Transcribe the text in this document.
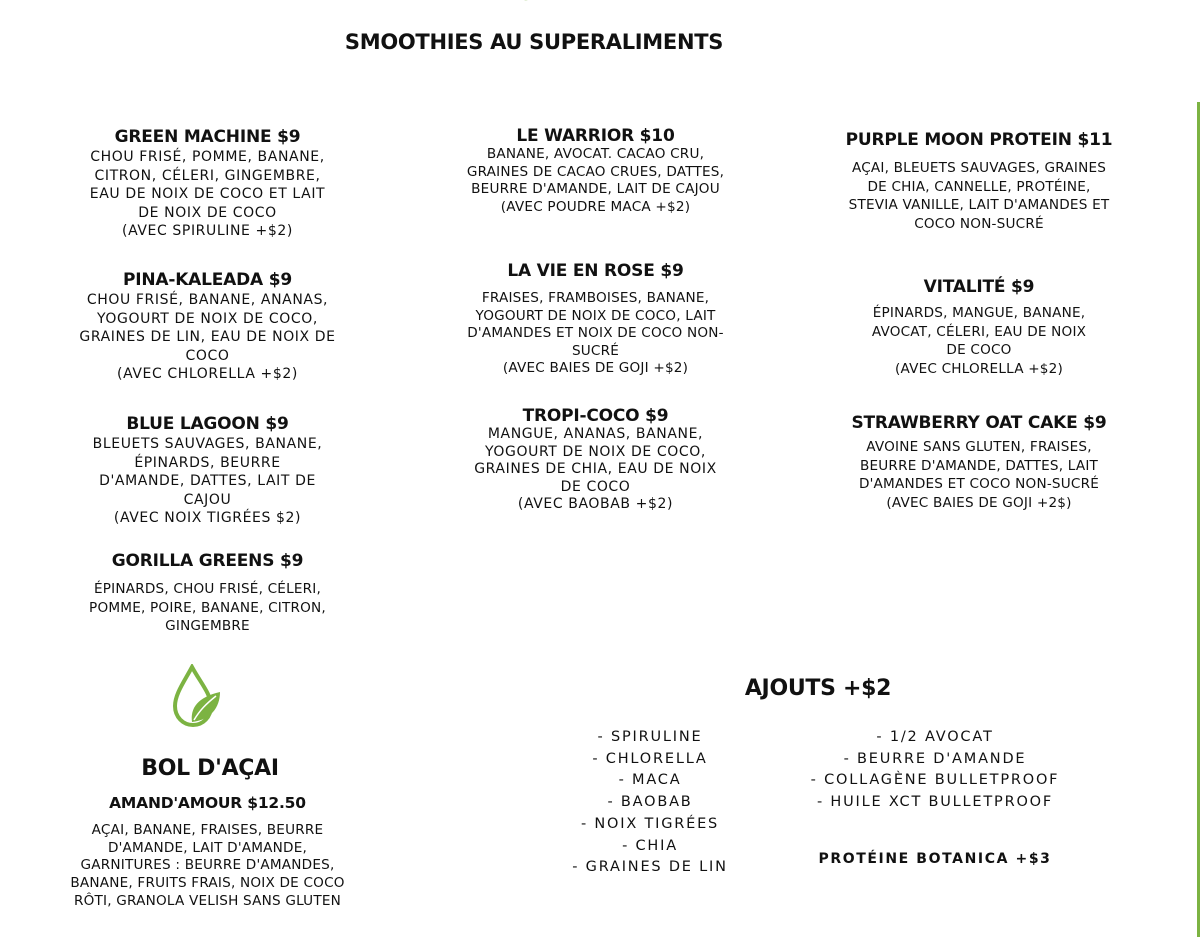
SMOOTHIES AU SUPERALIMENTS
GREEN MACHINE $9
CHOU FRISÉ, POMME, BANANE,
CITRON, CÉLERI, GINGEMBRE,
EAU DE NOIX DE COCO ET LAIT
DE NOIX DE COCO
(AVEC SPIRULINE +$2)
PINA-KALEADA $9
CHOU FRISÉ, BANANE, ANANAS,
YOGOURT DE NOIX DE COCO,
GRAINES DE LIN, EAU DE NOIX DE
COCO
(AVEC CHLORELLA +$2)
BLUE LAGOON $9
BLEUETS SAUVAGES, BANANE,
ÉPINARDS, BEURRE
D'AMANDE, DATTES, LAIT DE
CAJOU
(AVEC NOIX TIGRÉES $2)
GORILLA GREENS $9
ÉPINARDS, CHOU FRISÉ, CÉLERI,
POMME, POIRE, BANANE, CITRON,
GINGEMBRE
LE WARRIOR $10
BANANE, AVOCAT. CACAO CRU,
GRAINES DE CACAO CRUES, DATTES,
BEURRE D'AMANDE, LAIT DE CAJOU
(AVEC POUDRE MACA +$2)
LA VIE EN ROSE $9
FRAISES, FRAMBOISES, BANANE,
YOGOURT DE NOIX DE COCO, LAIT
D'AMANDES ET NOIX DE COCO NON-
SUCRÉ
(AVEC BAIES DE GOJI +$2)
TROPI-COCO $9
MANGUE, ANANAS, BANANE,
YOGOURT DE NOIX DE COCO,
GRAINES DE CHIA, EAU DE NOIX
DE COCO
(AVEC BAOBAB +$2)
PURPLE MOON PROTEIN $11
AÇAI, BLEUETS SAUVAGES, GRAINES
DE CHIA, CANNELLE, PROTÉINE,
STEVIA VANILLE, LAIT D'AMANDES ET
COCO NON-SUCRÉ
VITALITÉ $9
ÉPINARDS, MANGUE, BANANE,
AVOCAT, CÉLERI, EAU DE NOIX
DE COCO
(AVEC CHLORELLA +$2)
STRAWBERRY OAT CAKE $9
AVOINE SANS GLUTEN, FRAISES,
BEURRE D'AMANDE, DATTES, LAIT
D'AMANDES ET COCO NON-SUCRÉ
(AVEC BAIES DE GOJI +2$)
BOL D'AÇAI
AMAND'AMOUR $12.50
AÇAI, BANANE, FRAISES, BEURRE
D'AMANDE, LAIT D'AMANDE,
GARNITURES : BEURRE D'AMANDES,
BANANE, FRUITS FRAIS, NOIX DE COCO
RÔTI, GRANOLA VELISH SANS GLUTEN
AJOUTS +$2
- SPIRULINE
- CHLORELLA
- MACA
- BAOBAB
- NOIX TIGRÉES
- CHIA
- GRAINES DE LIN
- 1/2 AVOCAT
- BEURRE D'AMANDE
- COLLAGÈNE BULLETPROOF
- HUILE XCT BULLETPROOF
PROTÉINE BOTANICA +$3
